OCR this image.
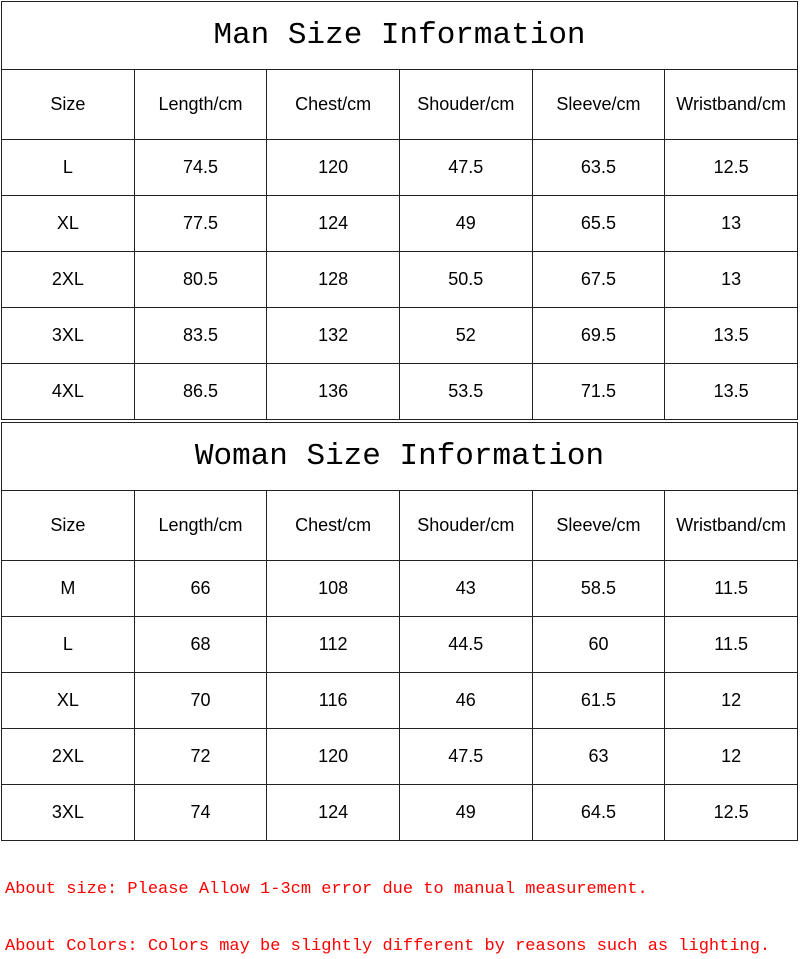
Man Size Information					
Size	Length/cm	Chest/cm	Shouder/cm	Sleeve/cm	Wristband/cm
L	74.5	120	47.5	63.5	12.5
XL	77.5	124	49	65.5	13
2XL	80.5	128	50.5	67.5	13
3XL	83.5	132	52	69.5	13.5
4XL	86.5	136	53.5	71.5	13.5
Woman Size Information					
Size	Length/cm	Chest/cm	Shouder/cm	Sleeve/cm	Wristband/cm
M	66	108	43	58.5	11.5
L	68	112	44.5	60	11.5
XL	70	116	46	61.5	12
2XL	72	120	47.5	63	12
3XL	74	124	49	64.5	12.5

About size: Please Allow 1-3cm error due to manual measurement.

About Colors: Colors may be slightly different by reasons such as lighting.
